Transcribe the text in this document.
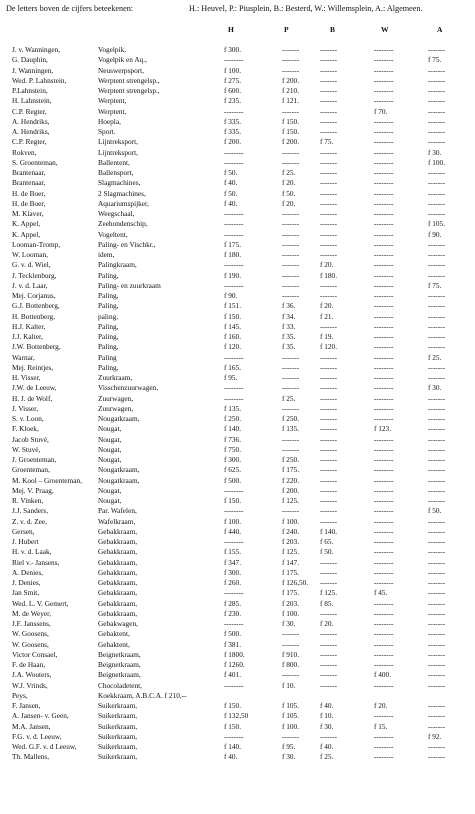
De letters boven de cijfers beteekenen:	H.: Heuvel, P.: Piusplein, B.: Besterd, W.: Willemsplein, A.: Algemeen.
H	P	B	W	A
J. v. Wanningen,	Vogelpik,	f 300.	-------	-------	--------	-------
G. Dauphin,	Vogelpik en Aq.,	--------	-------	-------	--------	f 75.
J. Wanningen,	Neuswerpsport,	f 100.	-------	-------	--------	-------
Wed. P. Lahnstein,	Werptent strengelsp.,	f 275.	f 200.	-------	--------	-------
P.Lahnstein,	Werptent strengelsp.,	f 600.	f 210.	-------	--------	-------
H. Lahnstein,	Werptent,	f 235.	f 121.	-------	--------	-------
C.P. Regter,	Werptent,	--------	-------	-------	f 70.	-------
A. Hendriks,	Hoepla,	f 335.	f 150.	-------	--------	-------
A. Hendriks,	Sport.	f 335.	f 150.	-------	--------	-------
C.P. Regter,	Lijntreksport,	f 200.	f 200.	f 75.	--------	-------
Rokven,	Lijntreksport,	--------	-------	-------	--------	f 30.
S. Groenteman,	Ballentent,	--------	-------	-------	--------	f 100.
Brantenaar,	Ballensport,	f 50.	f 25.	-------	--------	-------
Brantenaar,	Slagmachines,	f 40.	f 20.	-------	--------	-------
H. de Boer,	2 Slagmachines,	f 50.	f 50.	-------	--------	-------
H. de Boer,	Aquariumspijker,	f 40.	f 20.	-------	--------	-------
M. Klaver,	Weegschaal,	--------	-------	-------	--------	-------
K. Appel,	Zeehondenschip,	--------	-------	-------	--------	f 105.
K. Appel,	Vogeltent,	--------	-------	-------	--------	f 90.
Looman-Tromp,	Paling- en Vischkr.,	f 175.	-------	-------	--------	-------
W. Looman,	idem,	f 180.	-------	-------	--------	-------
G. v. d. Wiel,	Palingkraam,	--------	-------	f 20.	--------	-------
J. Tecklenburg,	Paling,	f 190.	-------	f 180.	--------	-------
J. v. d. Laar,	Paling- en zuurkraam	--------	-------	-------	--------	f 75.
Mej. Corjanus,	Paling,	f 90.	-------	-------	--------	-------
G.J. Bottenberg,	Paling,	f 151.	f 36.	f 20.	--------	-------
H. Bottenberg,	paling,	f 150.	f 34.	f 21.	--------	-------
H.J. Kalter,	Paling,	f 145.	f 33.	-------	--------	-------
J.J. Kalter,	Paling,	f 160.	f 35.	f 19.	--------	-------
J.W. Bottenberg,	Paling,	f 120.	f 35.	f 120.	--------	-------
Warnar,	Paling	--------	-------	-------	--------	f 25.
Mej. Reintjes,	Paling,	f 165.	-------	-------	--------	-------
H. Visser,	Zuurkraam,	f 95.	-------	-------	--------	-------
J.W. de Leeuw,	Visschenzuurwagen,	--------	-------	-------	--------	f 30.
H. J. de Wolf,	Zuurwagen,	--------	f 25.	-------	--------	-------
J. Visser,	Zuurwagen,	f 135.	-------	-------	--------	-------
S. v. Loon,	Nougatkraam,	f 250.	f 250.	-------	--------	-------
F. Kloek,	Nougat,	f 140.	f 135.	-------	f 123.	-------
Jacob Stuvé,	Nougat,	f 736.	-------	-------	--------	-------
W. Stuvé,	Nougat,	f 750.	-------	-------	--------	-------
J. Groenteman,	Nougat,	f 300.	f 250.	-------	--------	-------
Groenteman,	Nougatkraam,	f 625.	f 175.	-------	--------	-------
M. Kool – Groenteman, Nougatkraam,	f 500.	f 220.	-------	--------	-------
Mej. V. Praag,	Nougat,	--------	f 200.	-------	--------	-------
R. Vinken,	Nougat,	f 150.	f 125.	-------	--------	-------
J.J. Sanders,	Par. Wafelen,	--------	-------	-------	--------	f 50.
Z. v. d. Zee,	Wafelkraam,	f 100.	f 100.	-------	--------	-------
Gersen,	Gebakkraam,	f 440.	f 240.	f 140.	--------	-------
J. Hubert	Gebakkraam,	--------	f 203.	f 65.	--------	-------
H. v. d. Laak,	Gebakkraam,	f 155.	f 125.	f 50.	--------	-------
Riel v.- Jansens,	Gebakkraam,	f 347.	f 147.	-------	--------	-------
A. Denies,	Gebakkraam,	f 300.	f 175.	-------	--------	-------
J. Denies,	Gebakkraam,	f 260.	f 126,50. -------	--------	-------
Jan Smit,	Gebakkraam,	--------	f 175.	f 125.	f 45.	-------
Wed. L. V. Gemert,	Gebakkraam,	f 285.	f 203.	f 85.	--------	-------
M. de Weyer,	Gebakkraam,	f 230.	f 100.	-------	--------	-------
J.F. Janssens,	Gebakwagen,	--------	f 30.	f 20.	--------	-------
W. Goosens,	Gebaktent,	f 500.	-------	-------	--------	-------
W. Goosens,	Gebaktent,	f 381.	-------	-------	--------	-------
Victor Consael,	Beignetkraam,	f 1800.	f 910.	-------	--------	-------
F. de Haan,	Beignetkraam,	f 1260.	f 800.	-------	--------	-------
J.A. Wouters,	Beignetkraam,	f 401.	-------	-------	f 400.	-------
W.J. Vrinds,	Chocoladetent,	--------	f 10.	-------	--------	-------
Peys,	Koekkraam, A.B.C.A. f 210,--
F. Jansen,	Suikerkraam,	f 150.	f 105.	f 40.	f 20.	-------
A. Jansen- v. Geen,	Suikerkraam,	f 132,50	f 105.	f 10.	--------	-------
M.A. Jansen,	Suikerkraam,	f 150.	f 100.	f 30.	f 15.	-------
F.G. v. d. Leeuw,	Suikerkraam,	--------	-------	-------	--------	f 92.
Wed. G.F. v. d Leeuw,	Suikerkraam,	f 140.	f 95.	f 40.	--------	-------
Th. Mallens,	Suikerkraam,	f 40.	f 30.	f 25.	--------	-------
